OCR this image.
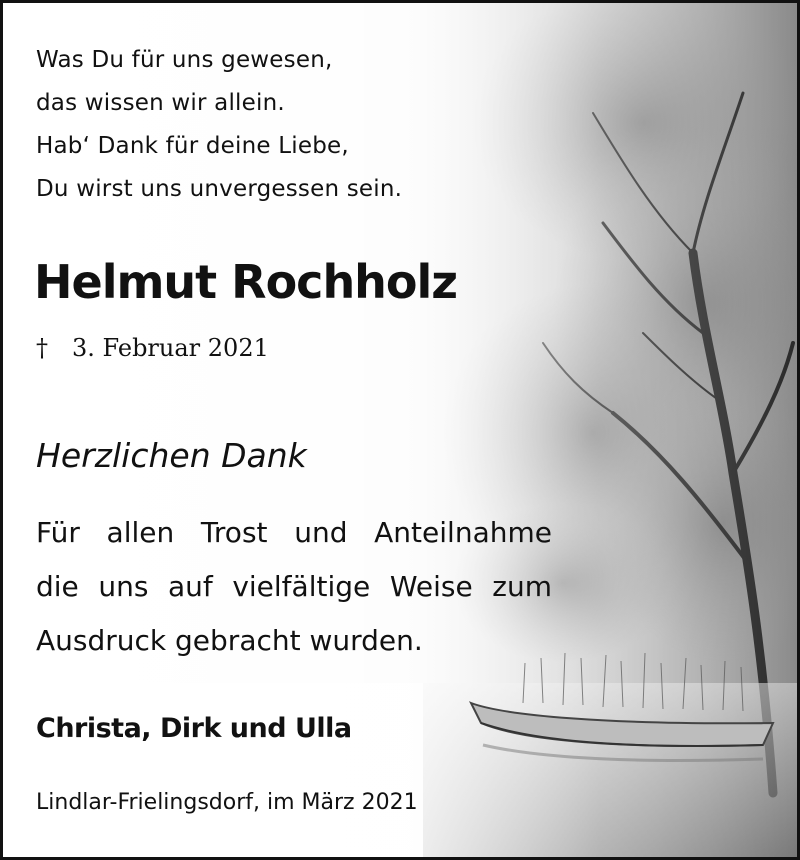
Was Du für uns gewesen,
das wissen wir allein.
Hab‘ Dank für deine Liebe,
Du wirst uns unvergessen sein.
Helmut Rochholz
† 3. Februar 2021
Herzlichen Dank
Für allen Trost und Anteilnahme
die uns auf vielfältige Weise zum
Ausdruck gebracht wurden.
Christa, Dirk und Ulla
Lindlar-Frielingsdorf, im März 2021
